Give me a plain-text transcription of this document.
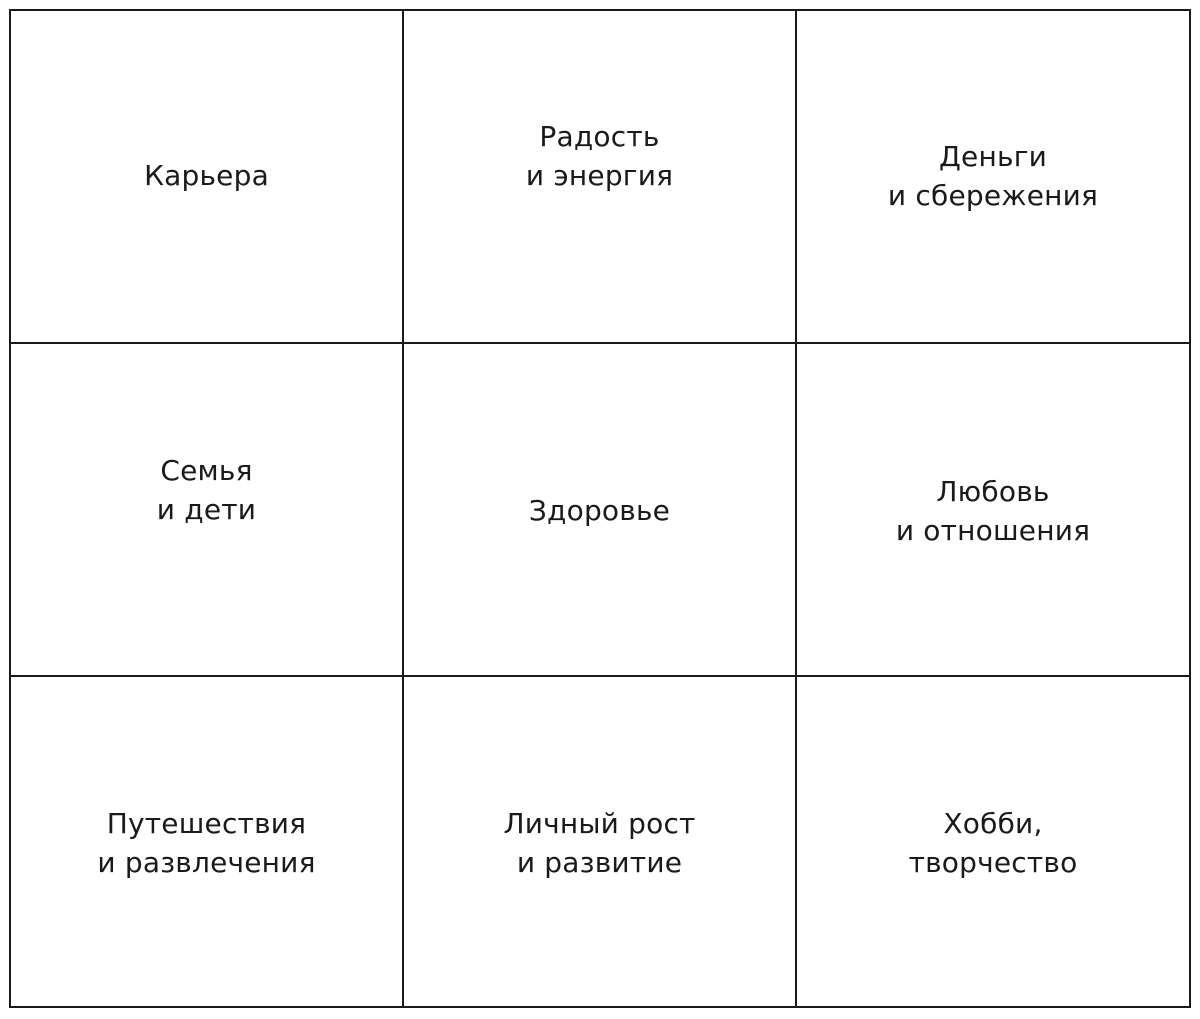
Карьера
Радость
и энергия
Деньги
и сбережения
Семья
и дети	Здоровье
Любовь
и отношения
Путешествия
и развлечения
Личный рост
и развитие
Хобби,
творчество
